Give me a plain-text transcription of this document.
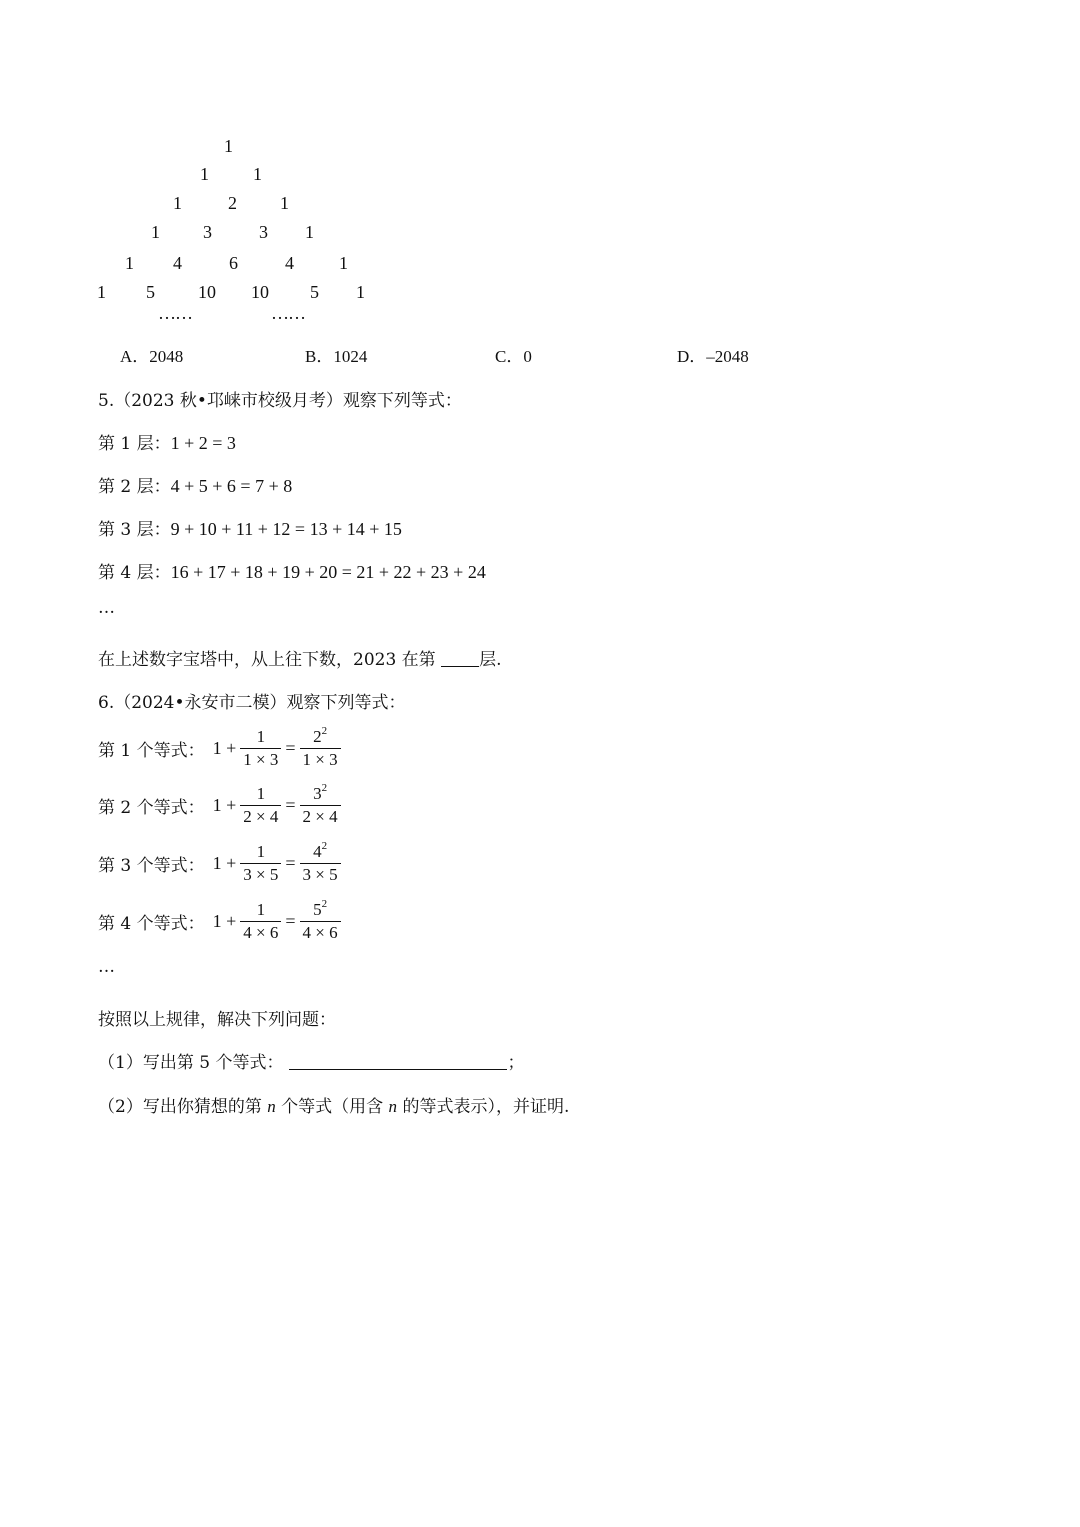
1
1 1
1	2 1
1 3	3 1
1 4	6	4	1
1 5 10 10 5 1
……	……
A．2048	B．1024	C．0	D．–2048
5.（2023 秋•邛崃市校级月考）观察下列等式：
第 1 层：1 + 2 = 3
第 2 层：4 + 5 + 6 = 7 + 8
第 3 层：9 + 10 + 11 + 12 = 13 + 14 + 15
第 4 层：16 + 17 + 18 + 19 + 20 = 21 + 22 + 23 + 24
…
在上述数字宝塔中，从上往下数，2023 在第	层.
6.（2024•永安市二模）观察下列等式：
第 1 个等式： $1 + \frac{1}{1 \times 3} = \frac{2^2}{1 \times 3}$
第 2 个等式： $1 + \frac{1}{2 \times 4} = \frac{3^2}{2 \times 4}$
第 3 个等式： $1 + \frac{1}{3 \times 5} = \frac{4^2}{3 \times 5}$
第 4 个等式： $1 + \frac{1}{4 \times 6} = \frac{5^2}{4 \times 6}$
…
按照以上规律，解决下列问题：
（1）写出第 5 个等式：	；
（2）写出你猜想的第 n 个等式（用含 n 的等式表示），并证明.
